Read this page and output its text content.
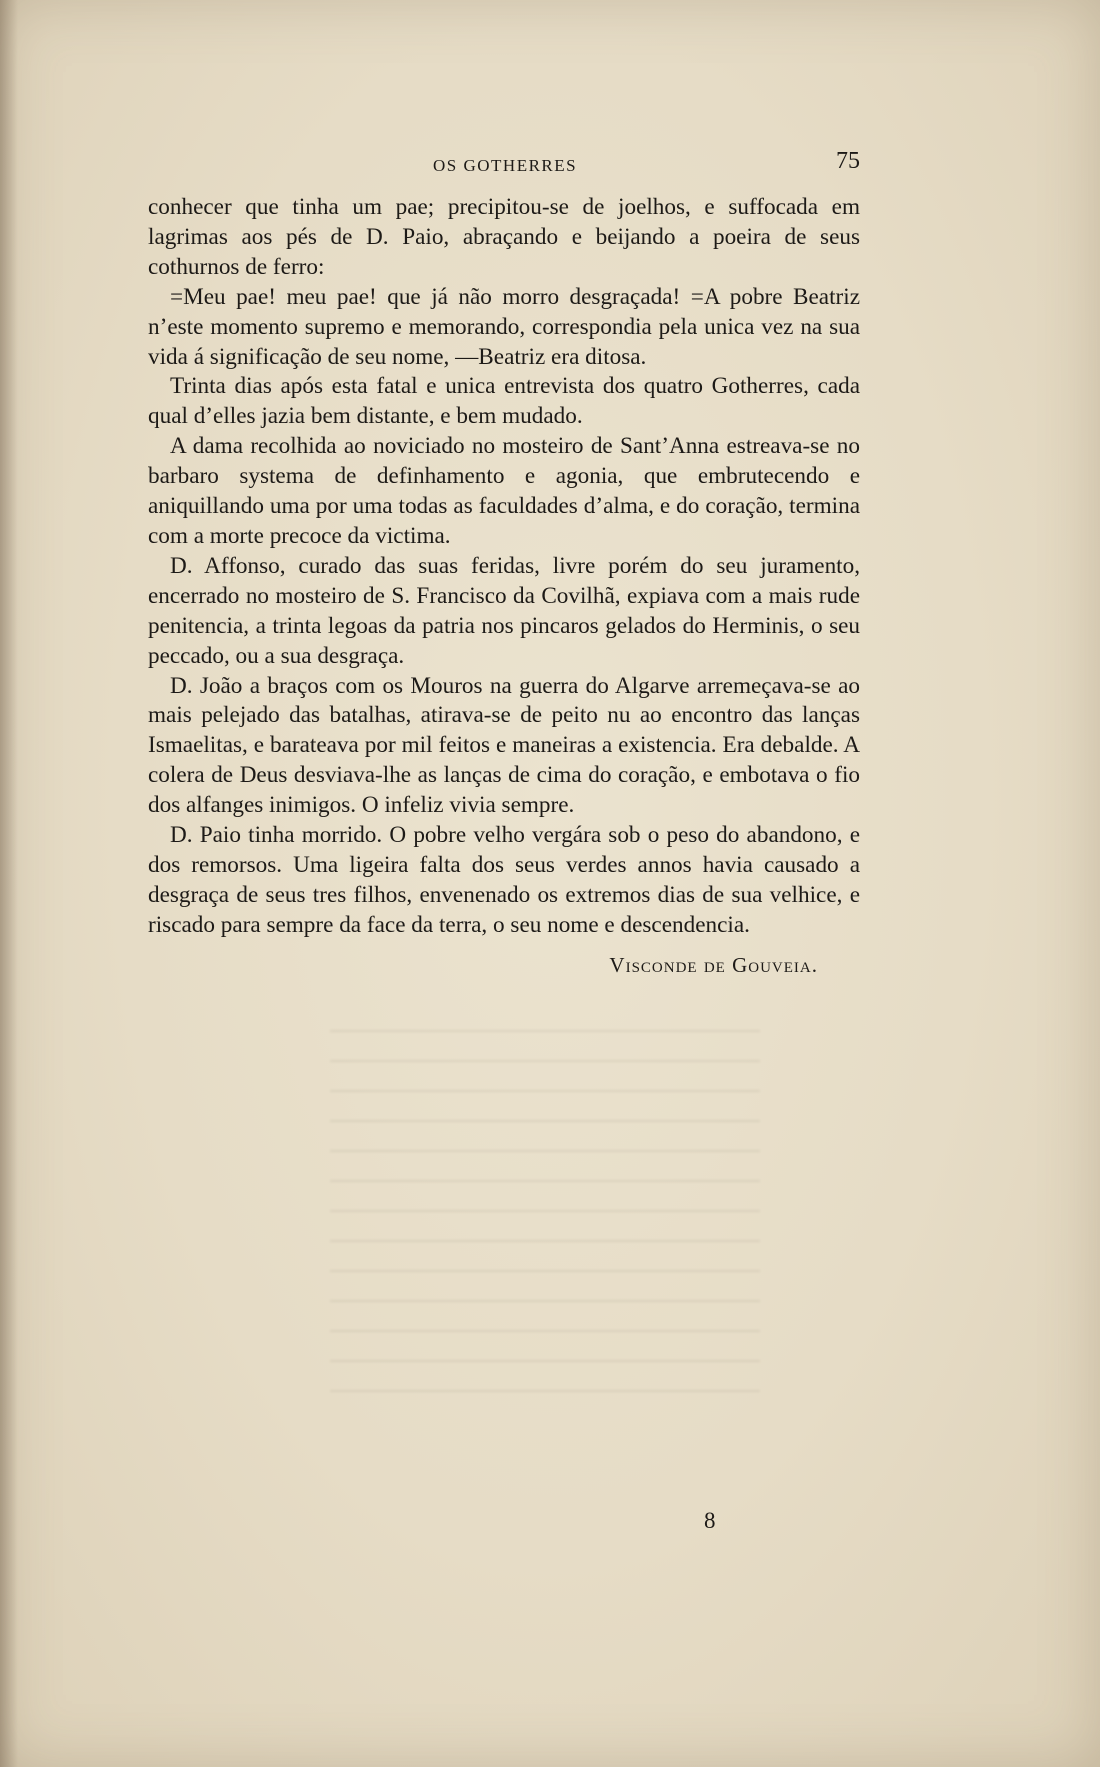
OS GOTHERRES	75

conhecer que tinha um pae; precipitou-se de joelhos, e suffocada em lagrimas aos pés de D. Paio, abraçando e beijando a poeira de seus cothurnos de ferro:

=Meu pae! meu pae! que já não morro desgraçada! =A pobre Beatriz n’este momento supremo e memorando, correspondia pela unica vez na sua vida á significação de seu nome, —Beatriz era ditosa.

Trinta dias após esta fatal e unica entrevista dos quatro Gotherres, cada qual d’elles jazia bem distante, e bem mudado.

A dama recolhida ao noviciado no mosteiro de Sant’Anna estreava-se no barbaro systema de definhamento e agonia, que embrutecendo e aniquillando uma por uma todas as faculdades d’alma, e do coração, termina com a morte precoce da victima.

D. Affonso, curado das suas feridas, livre porém do seu juramento, encerrado no mosteiro de S. Francisco da Covilhã, expiava com a mais rude penitencia, a trinta legoas da patria nos pincaros gelados do Herminis, o seu peccado, ou a sua desgraça.

D. João a braços com os Mouros na guerra do Algarve arremeçava-se ao mais pelejado das batalhas, atirava-se de peito nu ao encontro das lanças Ismaelitas, e barateava por mil feitos e maneiras a existencia. Era debalde. A colera de Deus desviava-lhe as lanças de cima do coração, e embotava o fio dos alfanges inimigos. O infeliz vivia sempre.

D. Paio tinha morrido. O pobre velho vergára sob o peso do abandono, e dos remorsos. Uma ligeira falta dos seus verdes annos havia causado a desgraça de seus tres filhos, envenenado os extremos dias de sua velhice, e riscado para sempre da face da terra, o seu nome e descendencia.

Visconde de Gouveia.
8
